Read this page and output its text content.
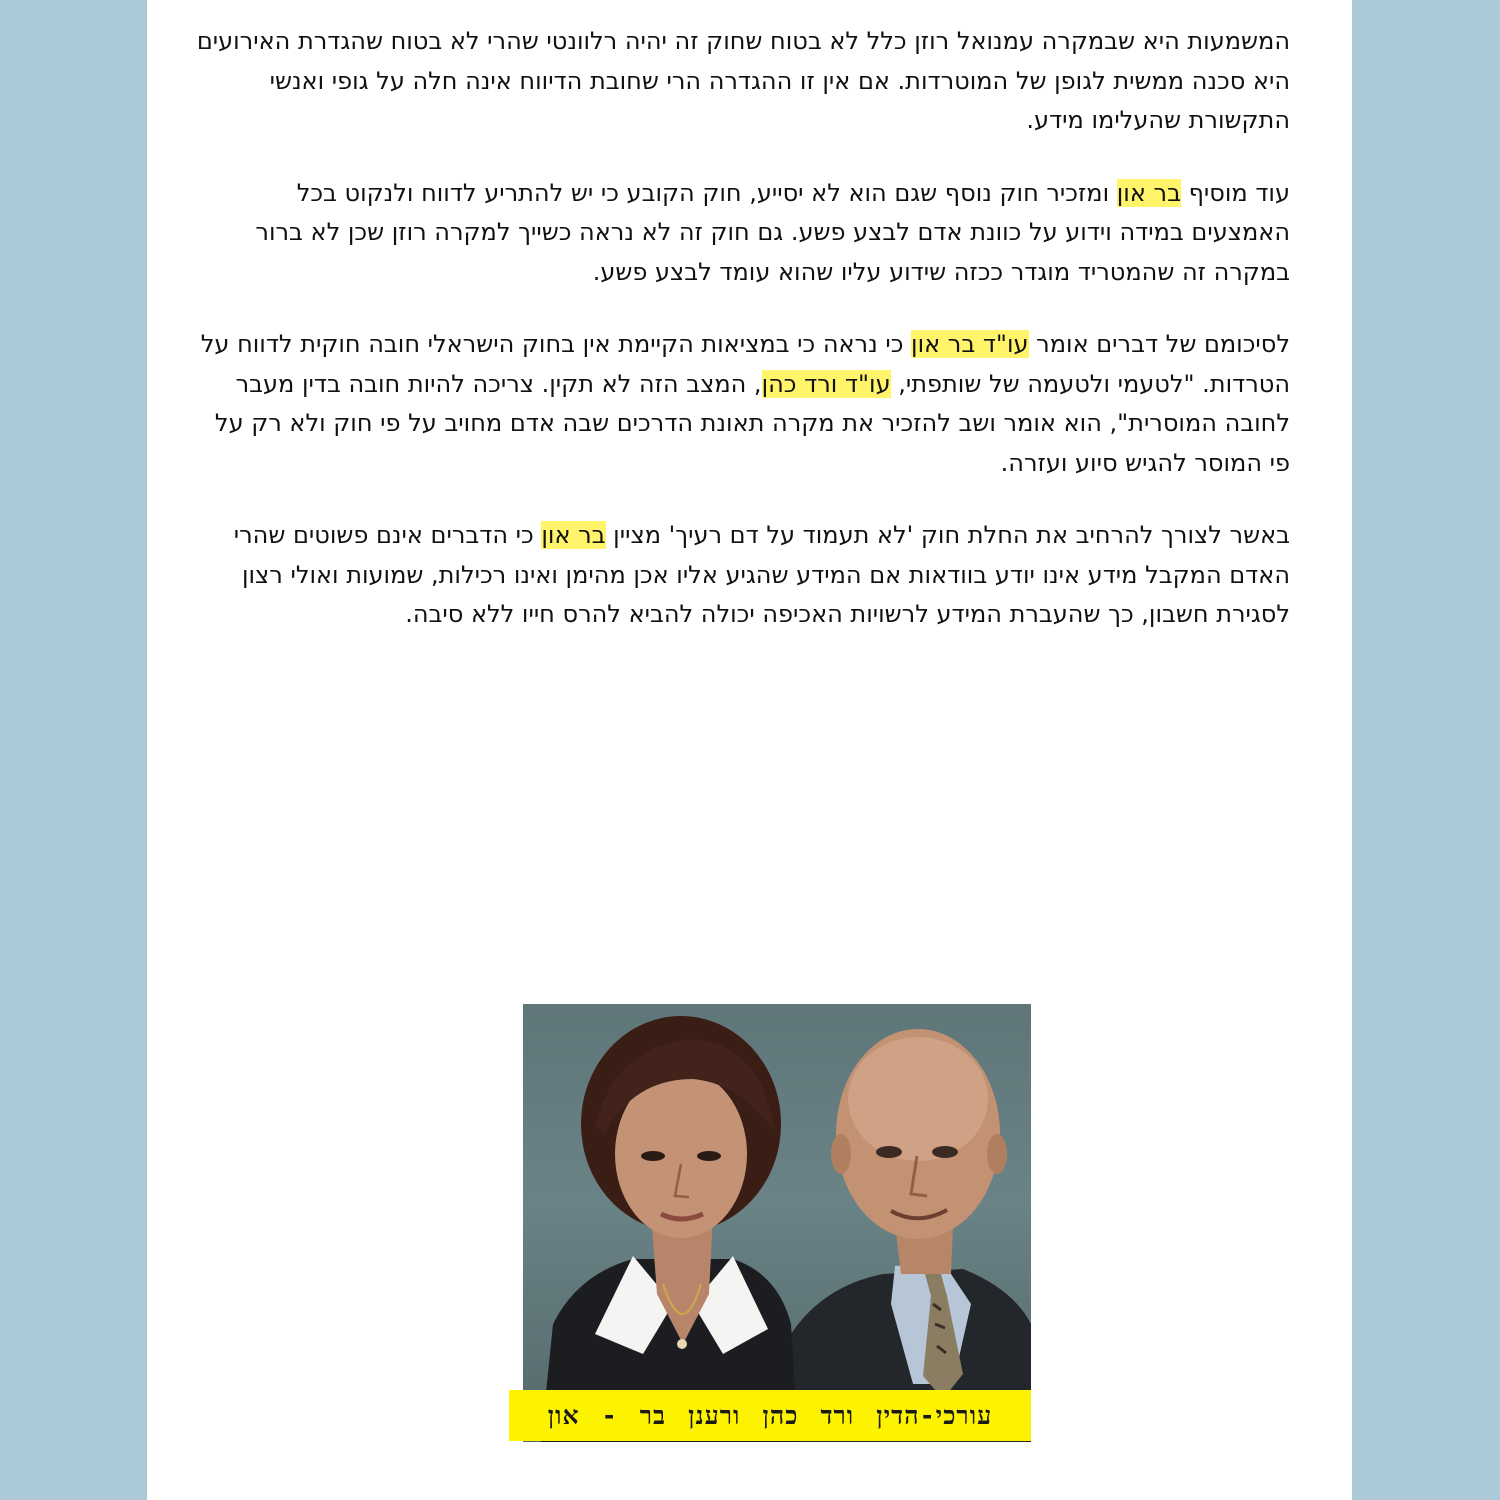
המשמעות היא שבמקרה עמנואל רוזן כלל לא בטוח שחוק זה יהיה רלוונטי שהרי לא בטוח שהגדרת האירועים היא סכנה ממשית לגופן של המוטרדות. אם אין זו ההגדרה הרי שחובת הדיווח אינה חלה על גופי ואנשי התקשורת שהעלימו מידע.

עוד מוסיף בר און ומזכיר חוק נוסף שגם הוא לא יסייע, חוק הקובע כי יש להתריע לדווח ולנקוט בכל האמצעים במידה וידוע על כוונת אדם לבצע פשע. גם חוק זה לא נראה כשייך למקרה רוזן שכן לא ברור במקרה זה שהמטריד מוגדר ככזה שידוע עליו שהוא עומד לבצע פשע.

לסיכומם של דברים אומר עו"ד בר און כי נראה כי במציאות הקיימת אין בחוק הישראלי חובה חוקית לדווח על הטרדות. "לטעמי ולטעמה של שותפתי, עו"ד ורד כהן, המצב הזה לא תקין. צריכה להיות חובה בדין מעבר לחובה המוסרית", הוא אומר ושב להזכיר את מקרה תאונת הדרכים שבה אדם מחויב על פי חוק ולא רק על פי המוסר להגיש סיוע ועזרה.

באשר לצורך להרחיב את החלת חוק 'לא תעמוד על דם רעיך' מציין בר און כי הדברים אינם פשוטים שהרי האדם המקבל מידע אינו יודע בוודאות אם המידע שהגיע אליו אכן מהימן ואינו רכילות, שמועות ואולי רצון לסגירת חשבון, כך שהעברת המידע לרשויות האכיפה יכולה להביא להרס חייו ללא סיבה.

עורכי-הדין ורד כהן ורענן בר - און
